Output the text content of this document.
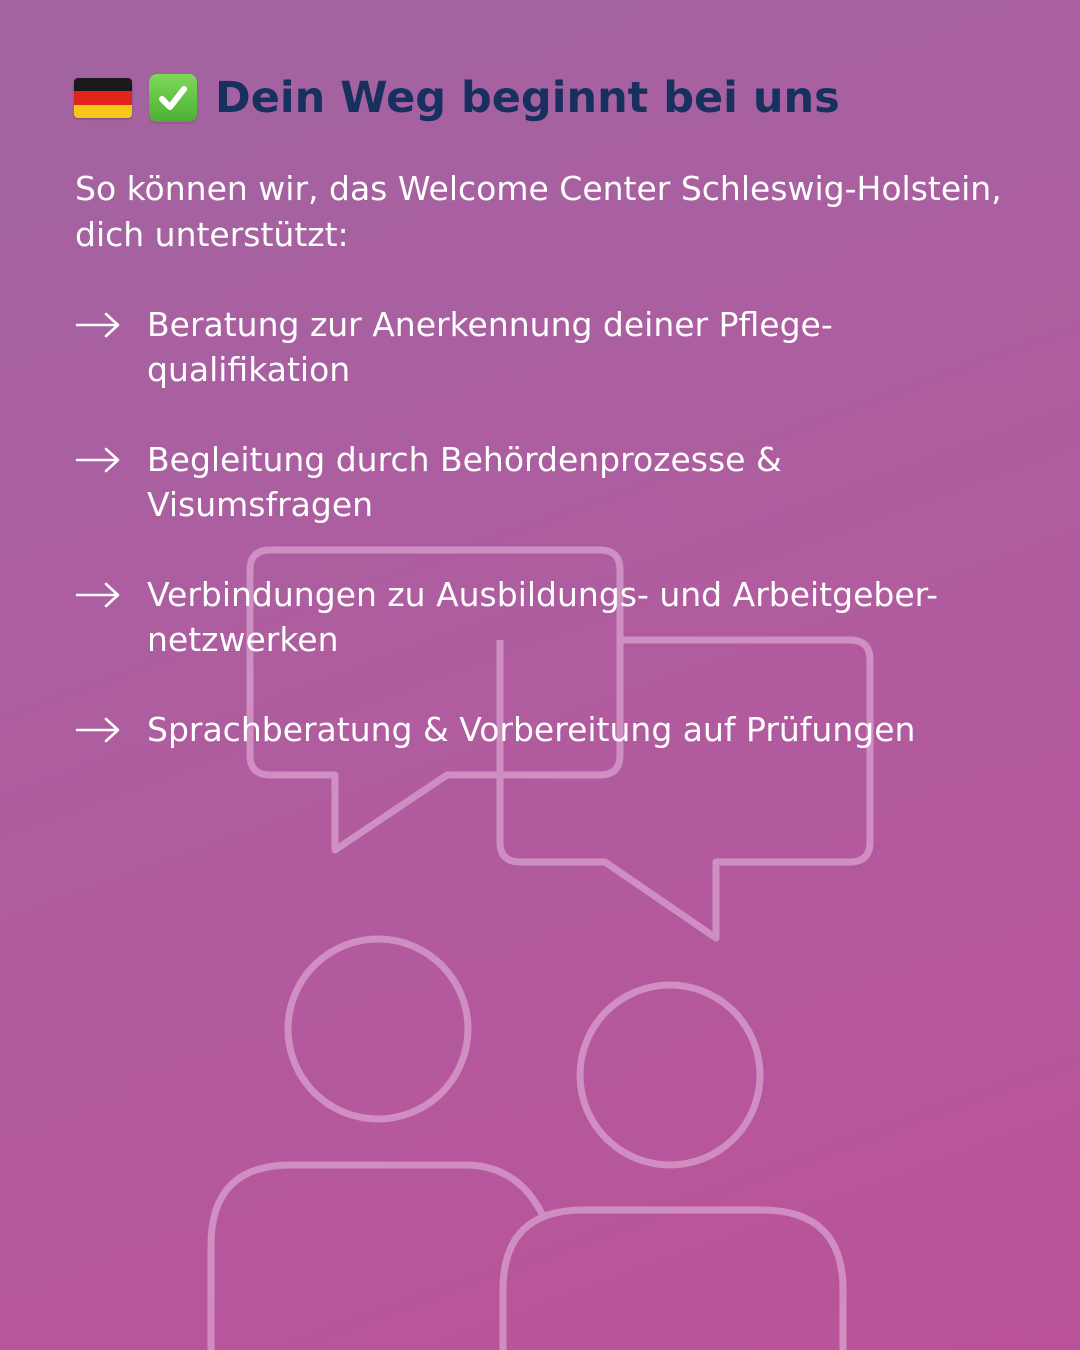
Dein Weg beginnt bei uns

So können wir, das Welcome Center Schleswig-Holstein,
dich unterstützt:

Beratung zur Anerkennung deiner Pflege-
qualifikation

Begleitung durch Behördenprozesse &
Visumsfragen

Verbindungen zu Ausbildungs- und Arbeitgeber-
netzwerken

Sprachberatung & Vorbereitung auf Prüfungen
